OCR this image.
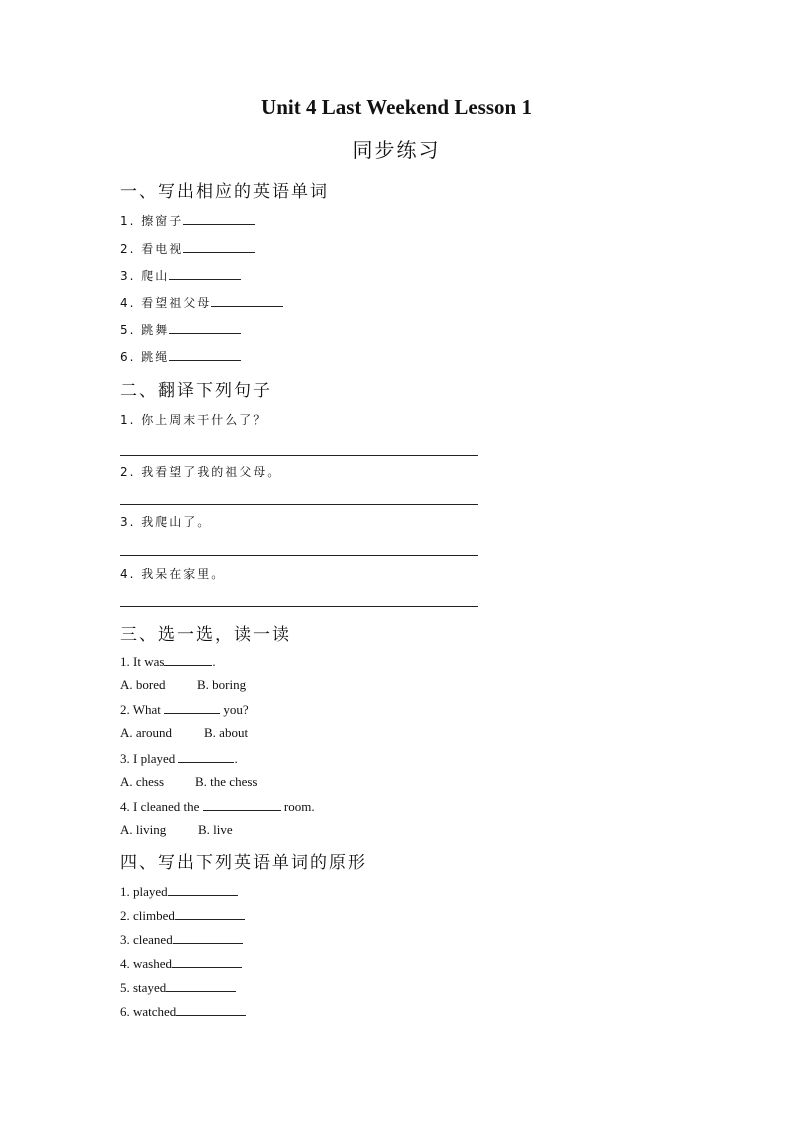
Unit 4 Last Weekend Lesson 1
同步练习
一、写出相应的英语单词
1. 擦窗子
2. 看电视
3. 爬山
4. 看望祖父母
5. 跳舞
6. 跳绳
二、翻译下列句子
1. 你上周末干什么了？
2. 我看望了我的祖父母。
3. 我爬山了。
4. 我呆在家里。
三、选一选，读一读
1. It was	.
A. bored B. boring
2. What	you?
A. around B. about
3. I played	.
A. chess B. the chess
4. I cleaned the	room.
A. living B. live
四、写出下列英语单词的原形
1. played
2. climbed
3. cleaned
4. washed
5. stayed
6. watched
